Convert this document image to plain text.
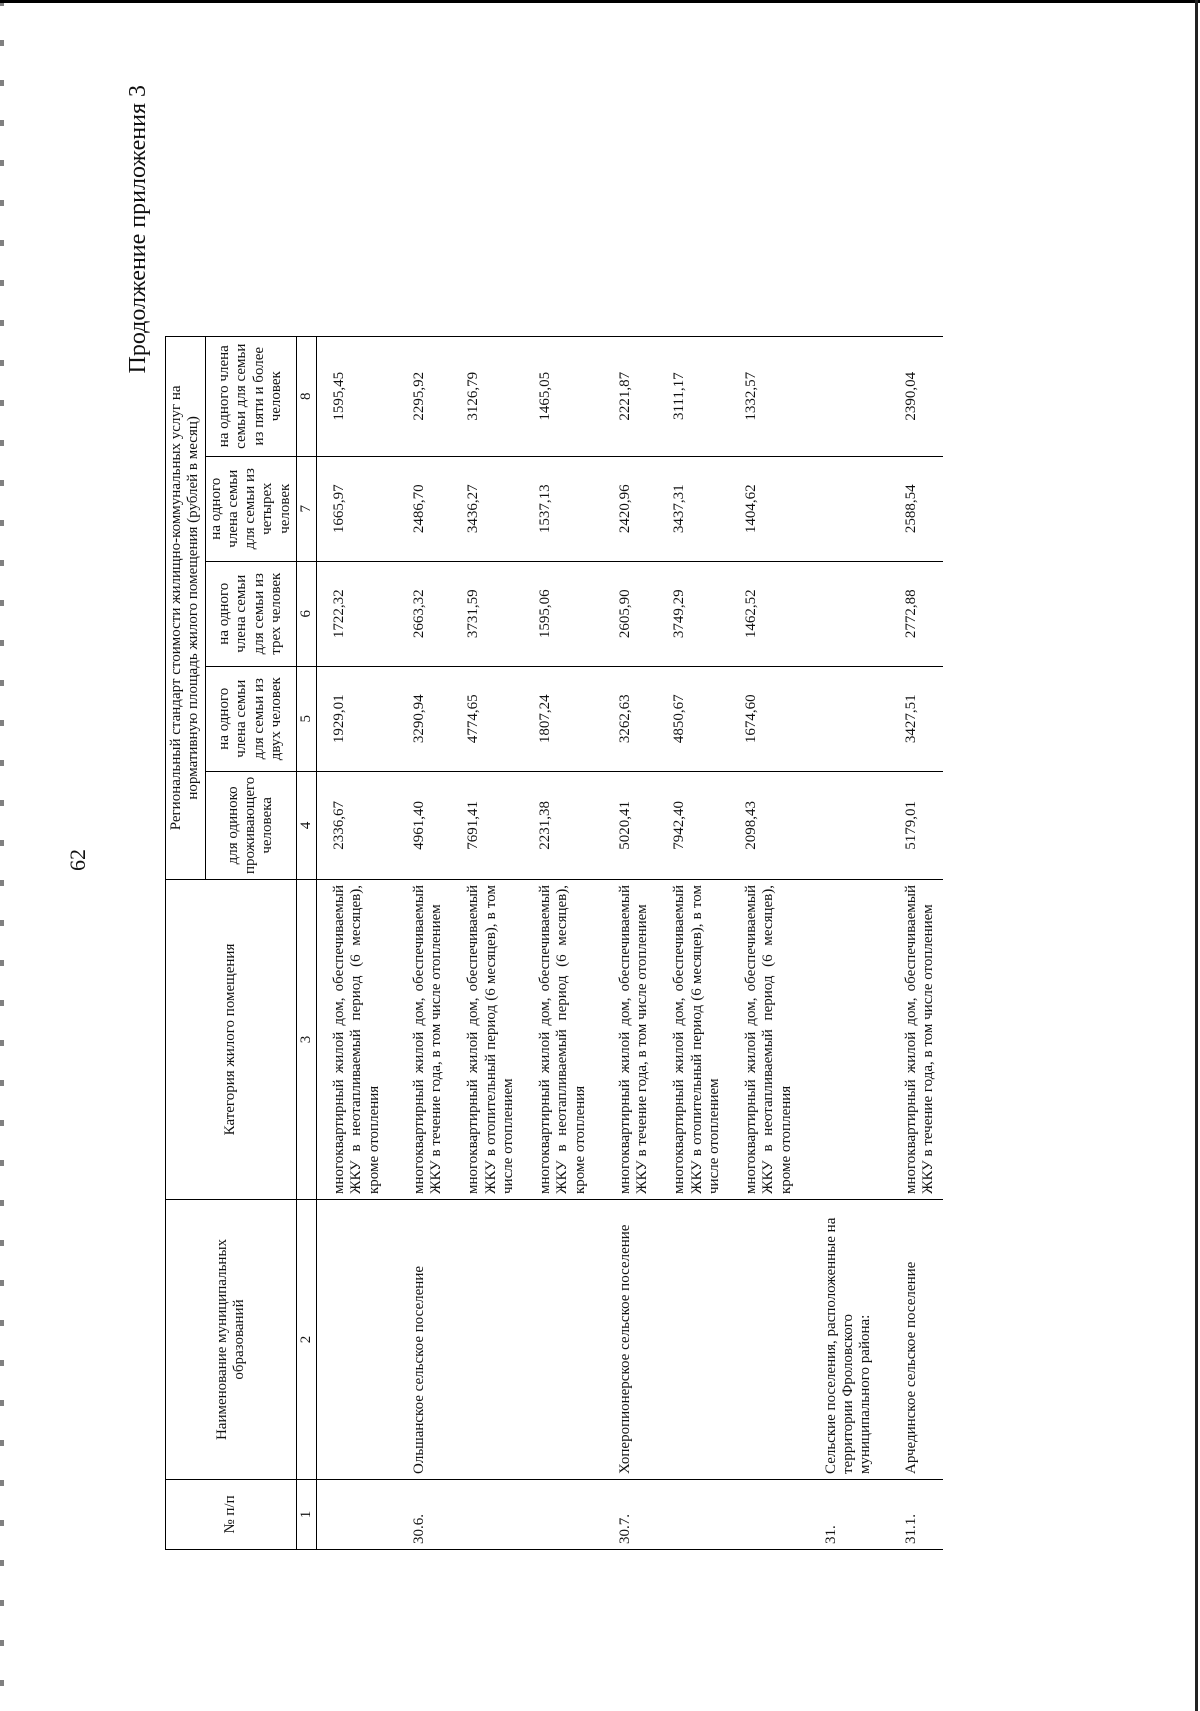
62
Продолжение приложения 3
№ п/п	Наименование муниципальных образований	Категория жилого помещения	Региональный стандарт стоимости жилищно-коммунальных услуг на нормативную площадь жилого помещения (рублей в месяц)				
			для одиноко проживающего человека	на одного члена семьи для семьи из двух человек	на одного члена семьи для семьи из трех человек	на одного члена семьи для семьи из четырех человек	на одного члена семьи для семьи из пяти и более человек
1	2	3	4	5	6	7	8
		многоквартирный жилой дом, обеспечиваемый ЖКУ в неотапливаемый период (6 месяцев), кроме отопления	2336,67	1929,01	1722,32	1665,97	1595,45
30.6.	Ольшанское сельское поселение	многоквартирный жилой дом, обеспечиваемый ЖКУ в течение года, в том числе отоплением	4961,40	3290,94	2663,32	2486,70	2295,92
		многоквартирный жилой дом, обеспечиваемый ЖКУ в отопительный период (6 месяцев), в том числе отоплением	7691,41	4774,65	3731,59	3436,27	3126,79
		многоквартирный жилой дом, обеспечиваемый ЖКУ в неотапливаемый период (6 месяцев), кроме отопления	2231,38	1807,24	1595,06	1537,13	1465,05
30.7.	Хоперопионерское сельское поселение	многоквартирный жилой дом, обеспечиваемый ЖКУ в течение года, в том числе отоплением	5020,41	3262,63	2605,90	2420,96	2221,87
		многоквартирный жилой дом, обеспечиваемый ЖКУ в отопительный период (6 месяцев), в том числе отоплением	7942,40	4850,67	3749,29	3437,31	3111,17
		многоквартирный жилой дом, обеспечиваемый ЖКУ в неотапливаемый период (6 месяцев), кроме отопления	2098,43	1674,60	1462,52	1404,62	1332,57
31.	Сельские поселения, расположенные на территории Фроловского муниципального района:						
31.1.	Арчединское сельское поселение	многоквартирный жилой дом, обеспечиваемый ЖКУ в течение года, в том числе отоплением	5179,01	3427,51	2772,88	2588,54	2390,04
